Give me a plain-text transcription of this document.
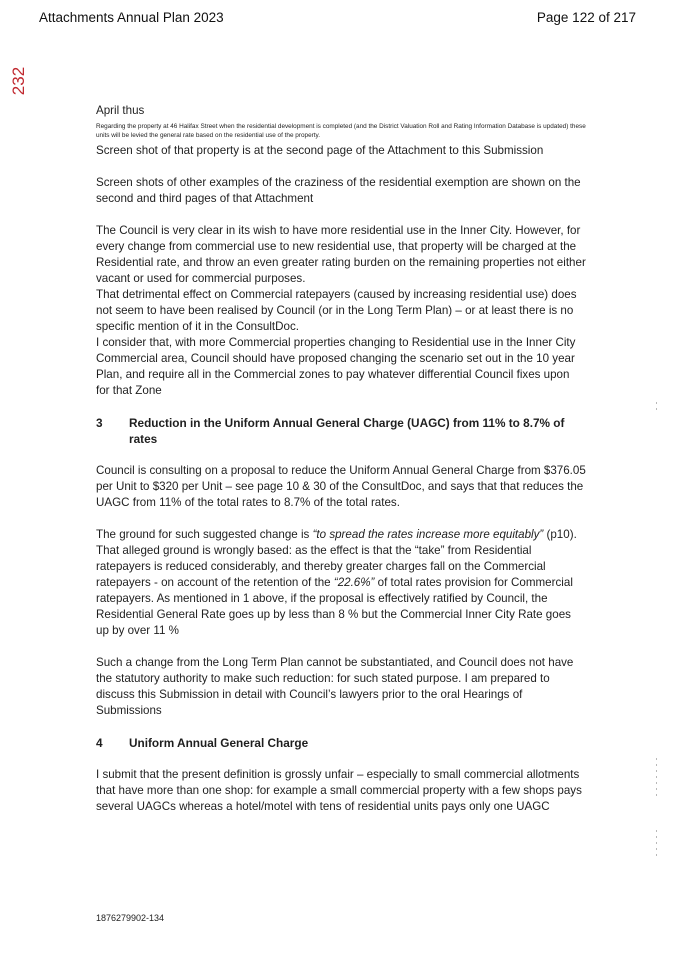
Attachments Annual Plan 2023	Page 122 of 217
232

April thus

Regarding the property at 46 Halifax Street when the residential development is completed (and the District Valuation Roll and Rating Information Database is updated) these units will be levied the general rate based on the residential use of the property.

Screen shot of that property is at the second page of the Attachment to this Submission

Screen shots of other examples of the craziness of the residential exemption are shown on the second and third pages of that Attachment

The Council is very clear in its wish to have more residential use in the Inner City. However, for every change from commercial use to new residential use, that property will be charged at the Residential rate, and throw an even greater rating burden on the remaining properties not either vacant or used for commercial purposes.

That detrimental effect on Commercial ratepayers (caused by increasing residential use) does not seem to have been realised by Council (or in the Long Term Plan) – or at least there is no specific mention of it in the ConsultDoc.

I consider that, with more Commercial properties changing to Residential use in the Inner City Commercial area, Council should have proposed changing the scenario set out in the 10 year Plan, and require all in the Commercial zones to pay whatever differential Council fixes upon for that Zone

3	Reduction in the Uniform Annual General Charge (UAGC) from 11% to 8.7% of rates

Council is consulting on a proposal to reduce the Uniform Annual General Charge from $376.05 per Unit to $320 per Unit – see page 10 & 30 of the ConsultDoc, and says that that reduces the UAGC from 11% of the total rates to 8.7% of the total rates.

The ground for such suggested change is “to spread the rates increase more equitably” (p10). That alleged ground is wrongly based: as the effect is that the “take” from Residential ratepayers is reduced considerably, and thereby greater charges fall on the Commercial ratepayers - on account of the retention of the “22.6%” of total rates provision for Commercial ratepayers. As mentioned in 1 above, if the proposal is effectively ratified by Council, the Residential General Rate goes up by less than 8 % but the Commercial Inner City Rate goes up by over 11 %

Such a change from the Long Term Plan cannot be substantiated, and Council does not have the statutory authority to make such reduction: for such stated purpose. I am prepared to discuss this Submission in detail with Council’s lawyers prior to the oral Hearings of Submissions

4	Uniform Annual General Charge

I submit that the present definition is grossly unfair – especially to small commercial allotments that have more than one shop: for example a small commercial property with a few shops pays several UAGCs whereas a hotel/motel with tens of residential units pays only one UAGC

1876279902-134
